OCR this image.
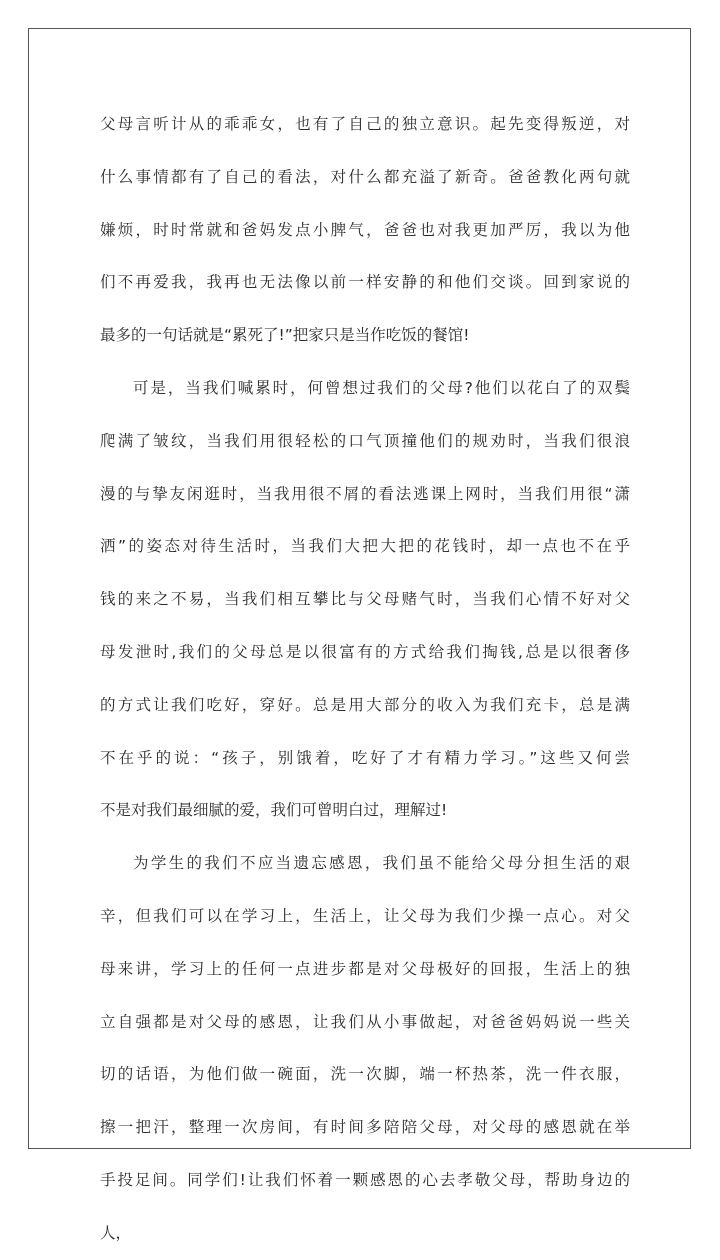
父母言听计从的乖乖女，也有了自己的独立意识。起先变得叛逆，对
什么事情都有了自己的看法，对什么都充溢了新奇。爸爸教化两句就
嫌烦，时时常就和爸妈发点小脾气，爸爸也对我更加严厉，我以为他
们不再爱我，我再也无法像以前一样安静的和他们交谈。回到家说的
最多的一句话就是“累死了!”把家只是当作吃饭的餐馆!
可是，当我们喊累时，何曾想过我们的父母?他们以花白了的双鬓
爬满了皱纹，当我们用很轻松的口气顶撞他们的规劝时，当我们很浪
漫的与挚友闲逛时，当我用很不屑的看法逃课上网时，当我们用很“潇
洒”的姿态对待生活时，当我们大把大把的花钱时，却一点也不在乎
钱的来之不易，当我们相互攀比与父母赌气时，当我们心情不好对父
母发泄时,我们的父母总是以很富有的方式给我们掏钱,总是以很奢侈
的方式让我们吃好，穿好。总是用大部分的收入为我们充卡，总是满
不在乎的说：“孩子，别饿着，吃好了才有精力学习。”这些又何尝
不是对我们最细腻的爱，我们可曾明白过，理解过!
为学生的我们不应当遗忘感恩，我们虽不能给父母分担生活的艰
辛，但我们可以在学习上，生活上，让父母为我们少操一点心。对父
母来讲，学习上的任何一点进步都是对父母极好的回报，生活上的独
立自强都是对父母的感恩，让我们从小事做起，对爸爸妈妈说一些关
切的话语，为他们做一碗面，洗一次脚，端一杯热茶，洗一件衣服，
擦一把汗，整理一次房间，有时间多陪陪父母，对父母的感恩就在举
手投足间。同学们!让我们怀着一颗感恩的心去孝敬父母，帮助身边的
人，
